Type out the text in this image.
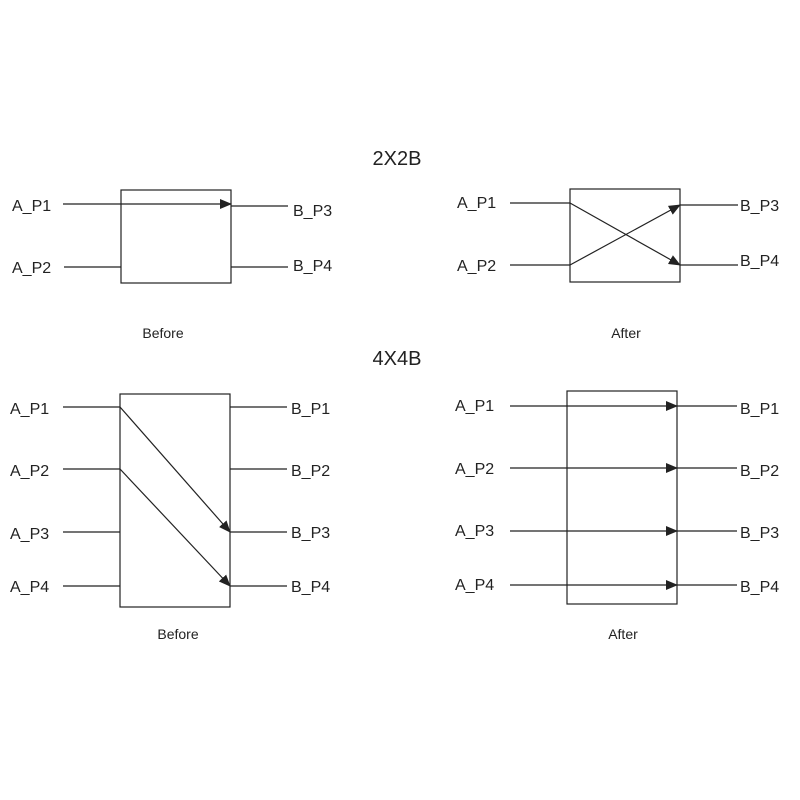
2X2B
A_P1
A_P2
B_P3
B_P4
Before
A_P1
A_P2
B_P3
B_P4
After
4X4B
A_P1
A_P2
A_P3
A_P4
B_P1
B_P2
B_P3
B_P4
Before
A_P1
A_P2
A_P3
A_P4
B_P1
B_P2
B_P3
B_P4
After
